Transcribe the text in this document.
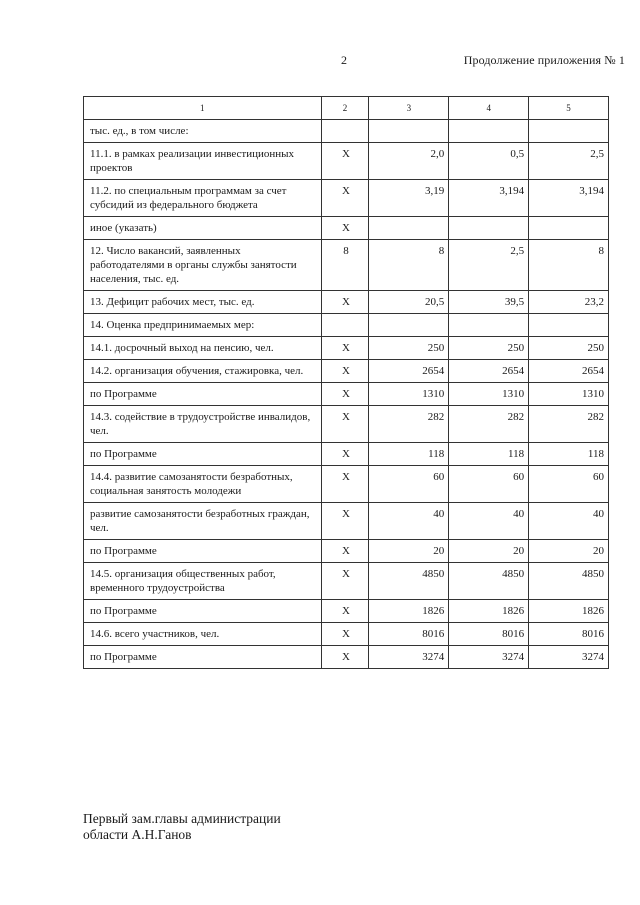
2	Продолжение приложения № 1
1	2	3	4	5
тыс. ед., в том числе:				
11.1. в рамках реализации инвестиционных проектов	X	2,0	0,5	2,5
11.2. по специальным программам за счет субсидий из федерального бюджета	X	3,19	3,194	3,194
иное (указать)	X			
12. Число вакансий, заявленных работодателями в органы службы занятости населения, тыс. ед.	8	8	2,5	8
13. Дефицит рабочих мест, тыс. ед.	X	20,5	39,5	23,2
14. Оценка предпринимаемых мер:				
14.1. досрочный выход на пенсию, чел.	X	250	250	250
14.2. организация обучения, стажировка, чел.	X	2654	2654	2654
по Программе	X	1310	1310	1310
14.3. содействие в трудоустройстве инвалидов, чел.	X	282	282	282
по Программе	X	118	118	118
14.4. развитие самозанятости безработных, социальная занятость молодежи	X	60	60	60
развитие самозанятости безработных граждан, чел.	X	40	40	40
по Программе	X	20	20	20
14.5. организация общественных работ, временного трудоустройства	X	4850	4850	4850
по Программе	X	1826	1826	1826
14.6. всего участников, чел.	X	8016	8016	8016
по Программе	X	3274	3274	3274
Первый зам.главы администрации
области А.Н.Ганов
